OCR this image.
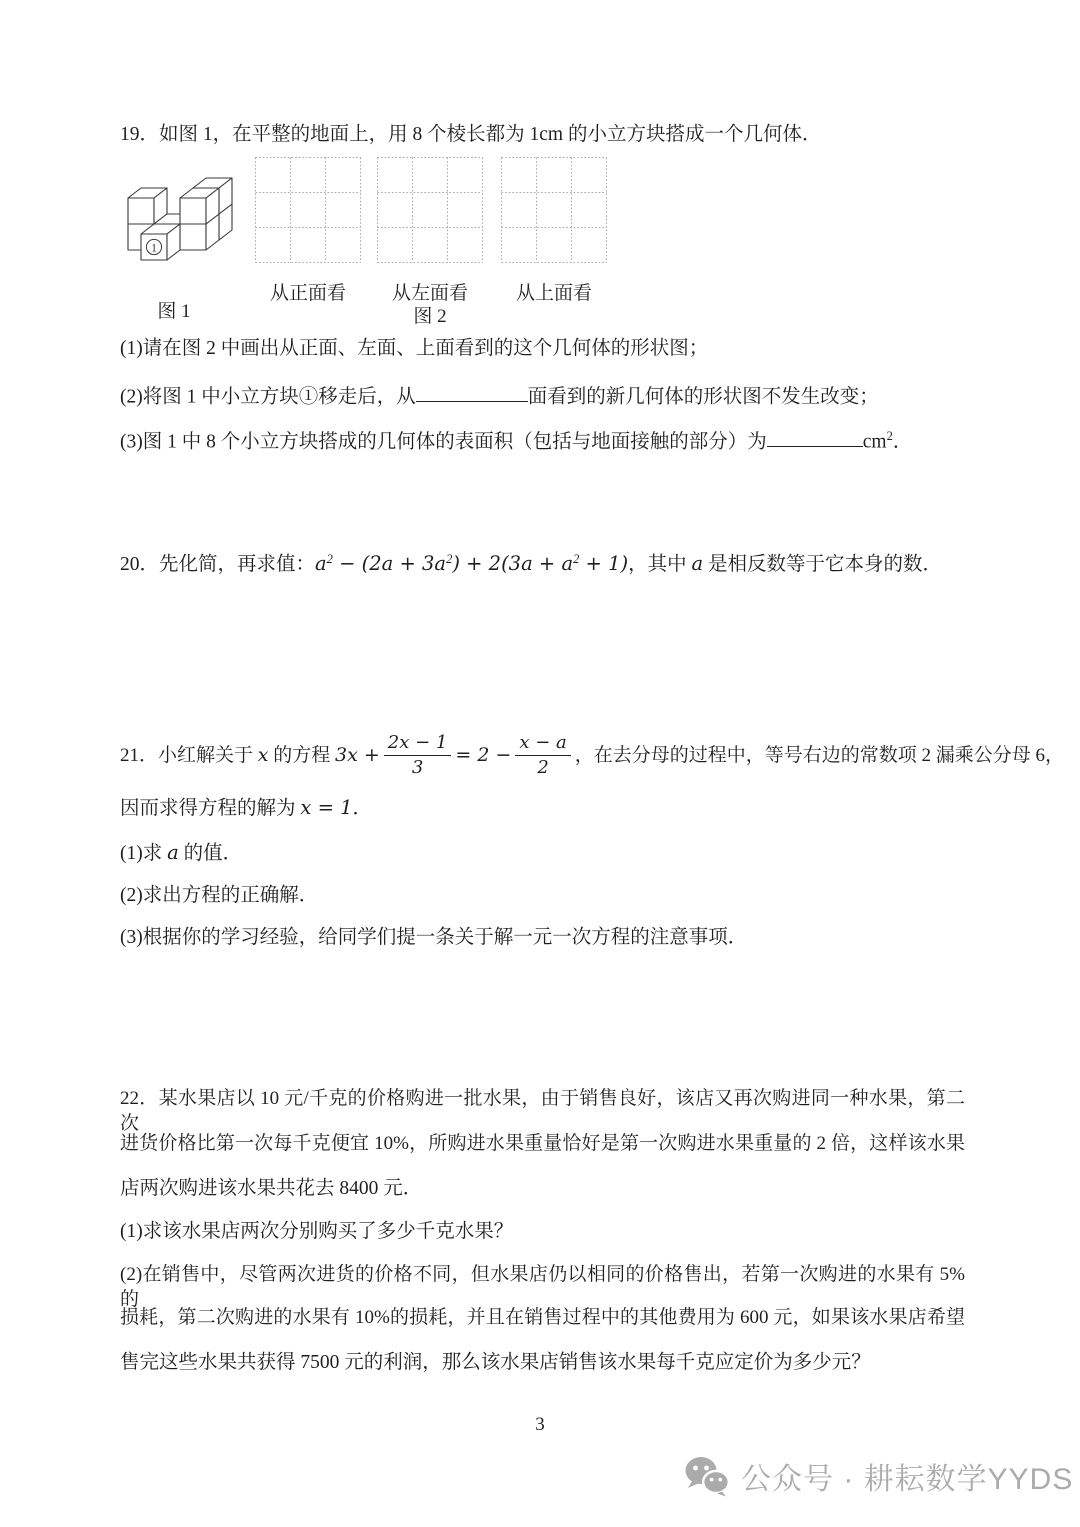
19．如图 1，在平整的地面上，用 8 个棱长都为 1cm 的小立方块搭成一个几何体．
1
图 1
从正面看	从左面看	从上面看
图 2
(1)请在图 2 中画出从正面、左面、上面看到的这个几何体的形状图；
(2)将图 1 中小立方块①移走后，从	面看到的新几何体的形状图不发生改变；
(3)图 1 中 8 个小立方块搭成的几何体的表面积（包括与地面接触的部分）为	$cm^2$．
20．先化简，再求值：$a^2 - (2a + 3a^2) + 2(3a + a^2 + 1)$，其中 a 是相反数等于它本身的数．
21．小红解关于 x 的方程 $3x + \frac{2x - 1}{3} = 2 - \frac{x - a}{2}$ ，在去分母的过程中，等号右边的常数项 2 漏乘公分母 6，
因而求得方程的解为 x = 1．
(1)求 a 的值．
(2)求出方程的正确解．
(3)根据你的学习经验，给同学们提一条关于解一元一次方程的注意事项．
22．某水果店以 10 元/千克的价格购进一批水果，由于销售良好，该店又再次购进同一种水果，第二次
进货价格比第一次每千克便宜 10%，所购进水果重量恰好是第一次购进水果重量的 2 倍，这样该水果
店两次购进该水果共花去 8400 元．
(1)求该水果店两次分别购买了多少千克水果？
(2)在销售中，尽管两次进货的价格不同，但水果店仍以相同的价格售出，若第一次购进的水果有 5%的
损耗，第二次购进的水果有 10%的损耗，并且在销售过程中的其他费用为 600 元，如果该水果店希望
售完这些水果共获得 7500 元的利润，那么该水果店销售该水果每千克应定价为多少元？
3
公众号 · 耕耘数学YYDS
